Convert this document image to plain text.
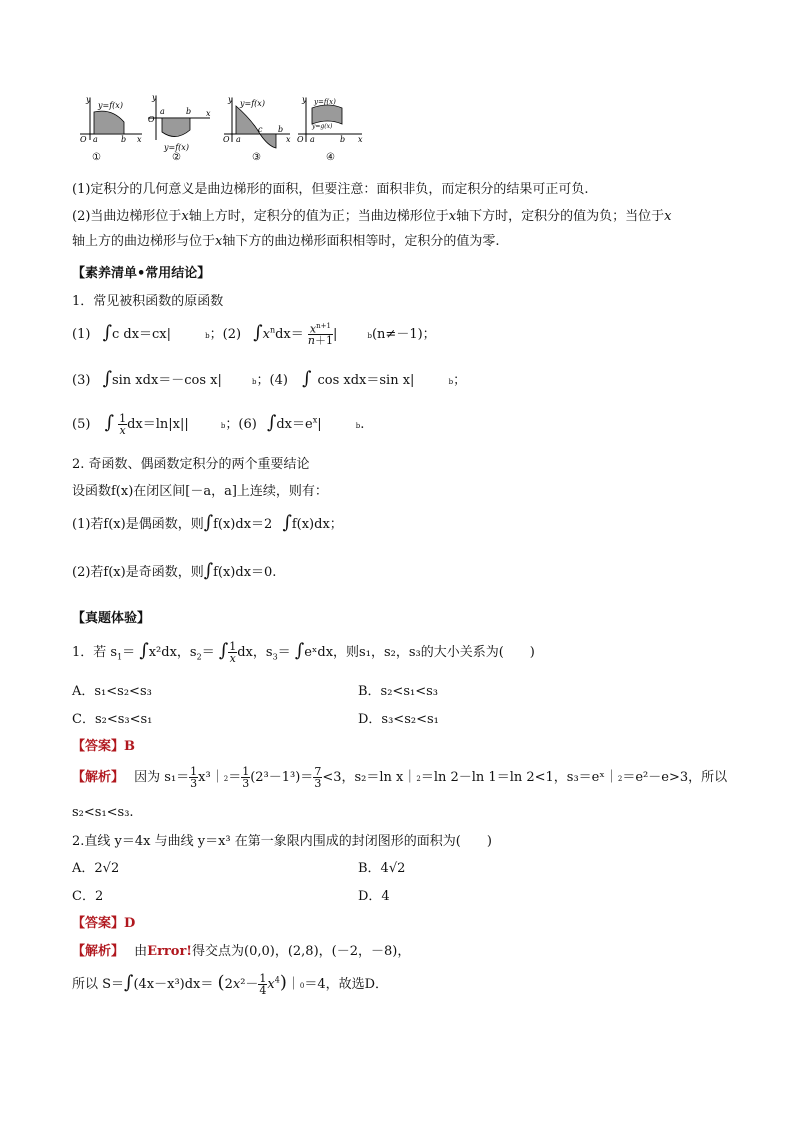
y
y=f(x)
O a	b x
①
y
O
a	b x
y=f(x)
②
y y=f(x)
O a
c b
x
③
y y=f(x)
y=g(x)
O a	b x
④
(1)定积分的几何意义是曲边梯形的面积，但要注意：面积非负，而定积分的结果可正可负.
(2)当曲边梯形位于x轴上方时，定积分的值为正；当曲边梯形位于x轴下方时，定积分的值为负；当位于x
轴上方的曲边梯形与位于x轴下方的曲边梯形面积相等时，定积分的值为零.
【素养清单•常用结论】
1．常见被积函数的原函数
(1) ∫c dx＝cx|	b；(2) $\int x^ndx= \frac{x^{n+1}}{n+1}$ |	b(n≠－1)；
(3) ∫sin xdx＝－cos x|	b；(4) ∫ cos xdx＝sin x|	b；
(5) ∫ $\frac{1}{x} dx=\ln|x||$	b；(6) $\int dx=e^x|$	b.
2. 奇函数、偶函数定积分的两个重要结论
设函数f(x)在闭区间[－a，a]上连续，则有：
(1)若f(x)是偶函数，则∫f(x)dx＝2 ∫f(x)dx；
(2)若f(x)是奇函数，则∫f(x)dx＝0.
【真题体验】
1．若 $s_1= \int x^2dx$，$s_2=$ ∫ $\frac{1}{x}$ dx，$s_3=$ ∫eˣdx，则s₁，s₂，s₃的大小关系为(　　)
A．s₁<s₂<s₃	B．s₂<s₁<s₃
C．s₂<s₃<s₁	D．s₃<s₂<s₁
【答案】B
【解析】 因为 $s_1= \frac{1}{3}$ x³｜2＝ $\frac{1}{3} (2^3-1^3)= \frac{7}{3} <3$，s₂＝ln x｜2＝ln 2－ln 1＝ln 2<1，s₃＝eˣ｜2＝e²－e>3，所以
s₂<s₁<s₃.
2.直线 y＝4x 与曲线 y＝x³ 在第一象限内围成的封闭图形的面积为(　　)
A．2√2	B．4√2
C．2	D．4
【答案】D
【解析】 由Error!得交点为(0,0)，(2,8)，(－2，－8)，
所以 $S=\int(4x-x^3)dx= (2x^2- \frac{1}{4}$ $x^4)|0=4$，故选D．
